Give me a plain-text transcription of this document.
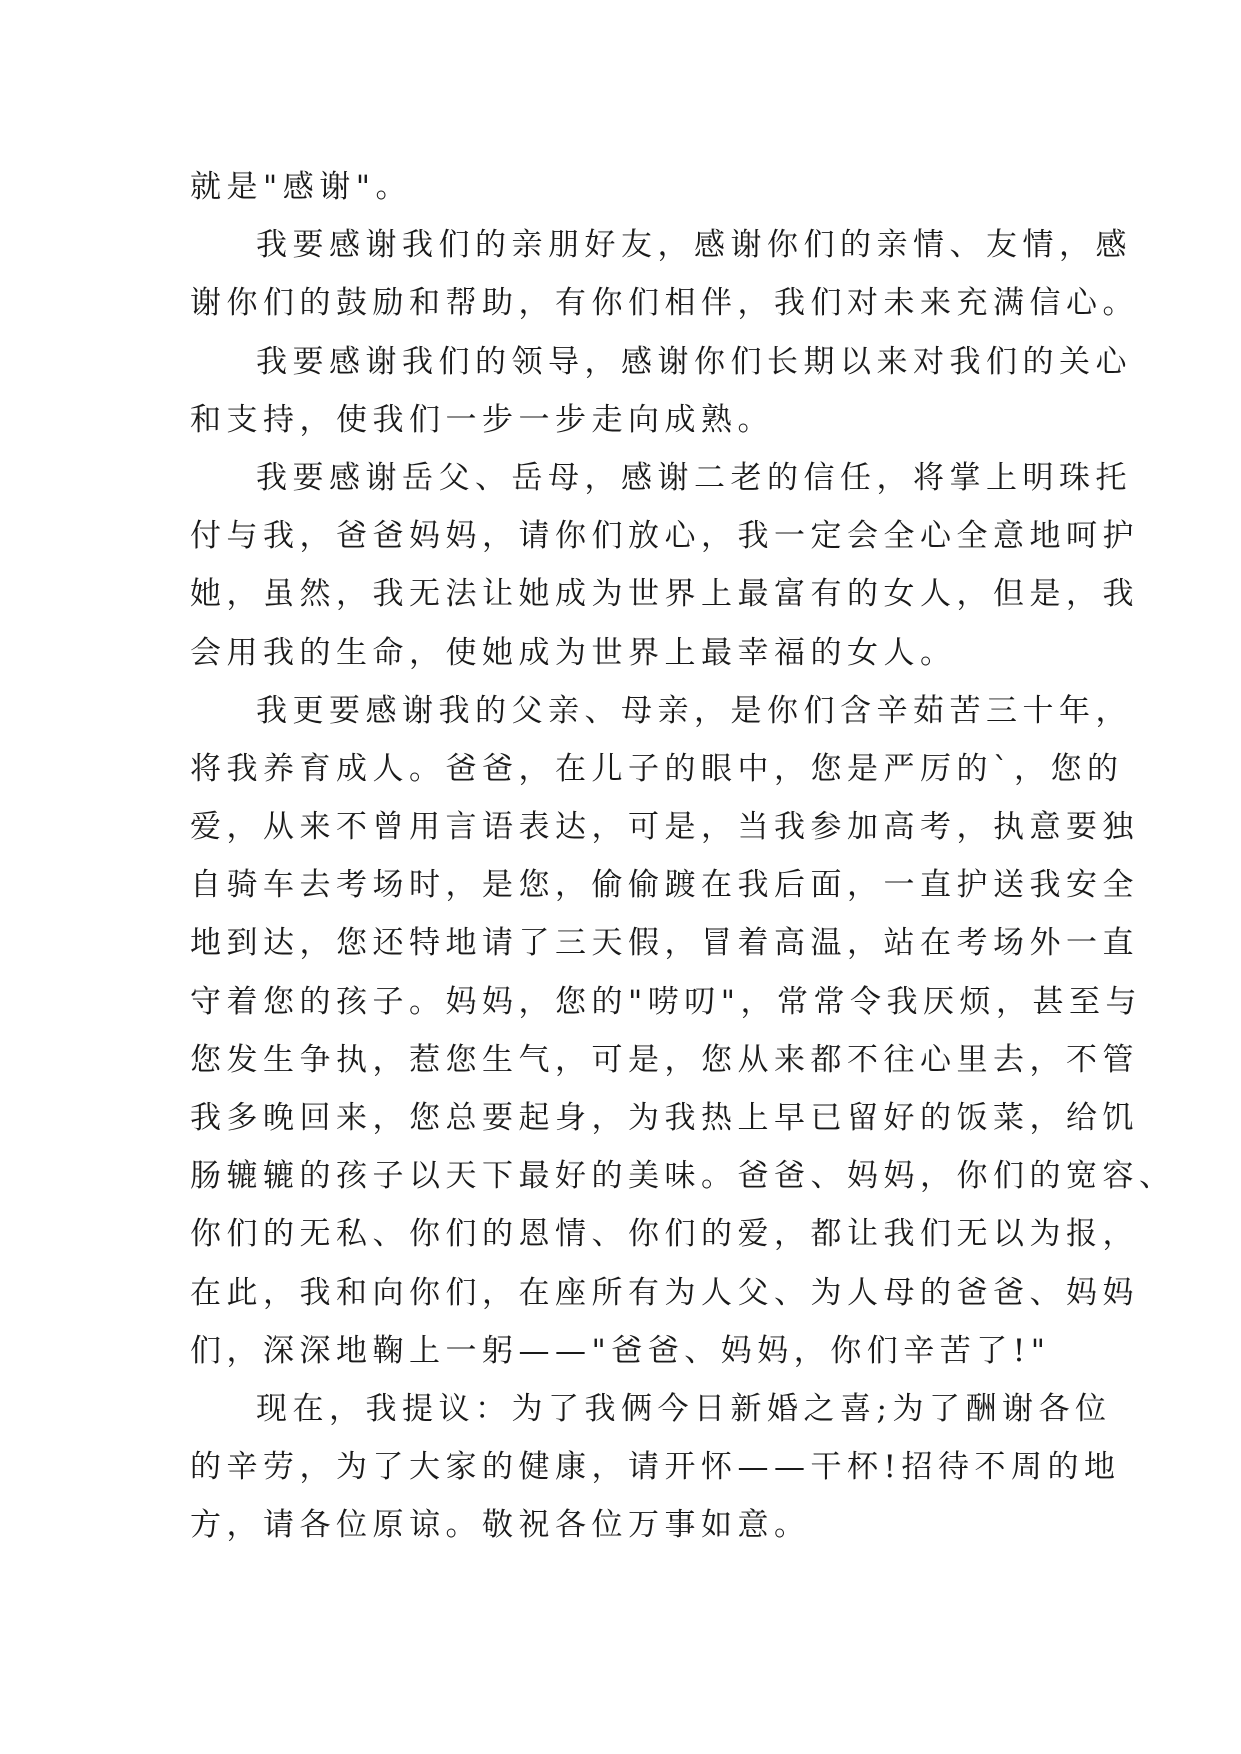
就是"感谢"。
我要感谢我们的亲朋好友，感谢你们的亲情、友情，感
谢你们的鼓励和帮助，有你们相伴，我们对未来充满信心。
我要感谢我们的领导，感谢你们长期以来对我们的关心
和支持，使我们一步一步走向成熟。
我要感谢岳父、岳母，感谢二老的信任，将掌上明珠托
付与我，爸爸妈妈，请你们放心，我一定会全心全意地呵护
她，虽然，我无法让她成为世界上最富有的女人，但是，我
会用我的生命，使她成为世界上最幸福的女人。
我更要感谢我的父亲、母亲，是你们含辛茹苦三十年，
将我养育成人。爸爸，在儿子的眼中，您是严厉的`，您的
爱，从来不曾用言语表达，可是，当我参加高考，执意要独
自骑车去考场时，是您，偷偷踱在我后面，一直护送我安全
地到达，您还特地请了三天假，冒着高温，站在考场外一直
守着您的孩子。妈妈，您的"唠叨"，常常令我厌烦，甚至与
您发生争执，惹您生气，可是，您从来都不往心里去，不管
我多晚回来，您总要起身，为我热上早已留好的饭菜，给饥
肠辘辘的孩子以天下最好的美味。爸爸、妈妈，你们的宽容、
你们的无私、你们的恩情、你们的爱，都让我们无以为报，
在此，我和向你们，在座所有为人父、为人母的爸爸、妈妈
们，深深地鞠上一躬——"爸爸、妈妈，你们辛苦了!"
现在，我提议：为了我俩今日新婚之喜;为了酬谢各位
的辛劳，为了大家的健康，请开怀——干杯!招待不周的地
方，请各位原谅。敬祝各位万事如意。
